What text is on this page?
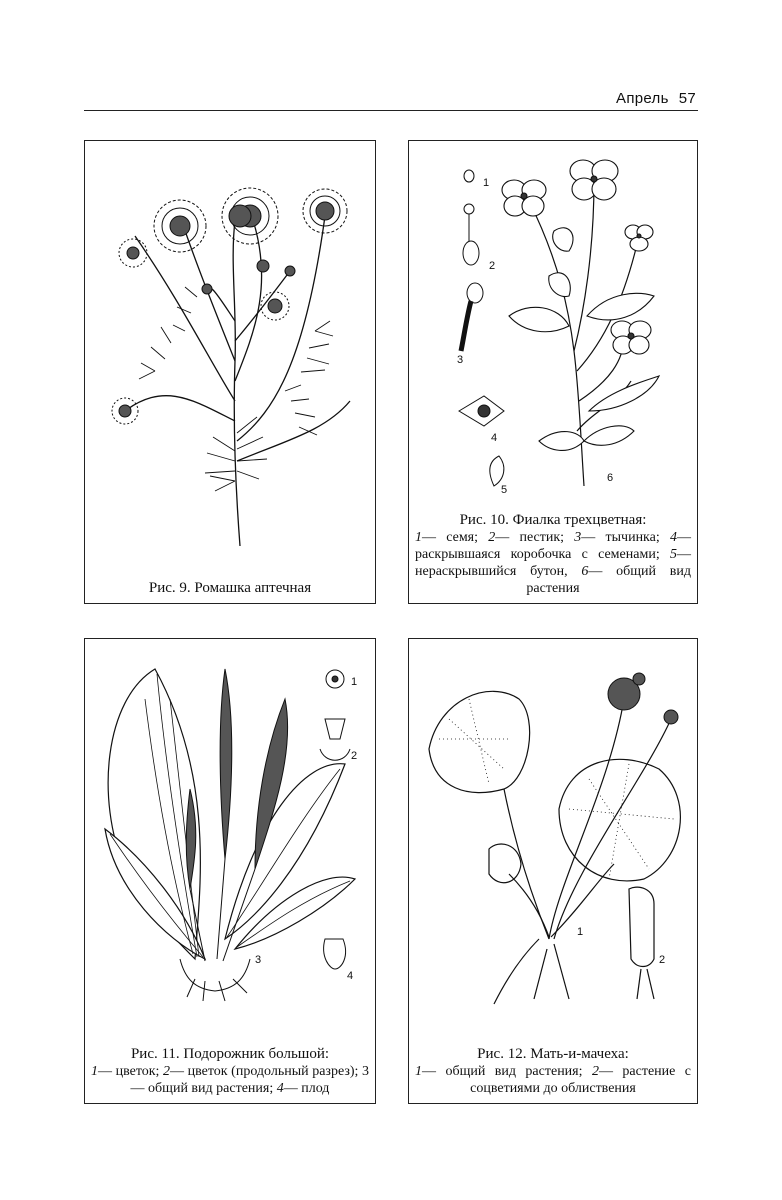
Апрель 57
Рис. 9. Ромашка аптечная
1
2
3
4
5
6
Рис. 10. Фиалка трехцветная:
1— семя; 2— пестик; 3— тычинка; 4— раскрывшаяся коробочка с семенами; 5— нераскрывшийся бутон, 6— общий вид растения
1
2
3
4
Рис. 11. Подорожник большой:
1— цветок; 2— цветок (продольный разрез); 3 — общий вид растения; 4— плод
1
2
Рис. 12. Мать-и-мачеха:
1— общий вид растения; 2— растение с соцветиями до облиствения
